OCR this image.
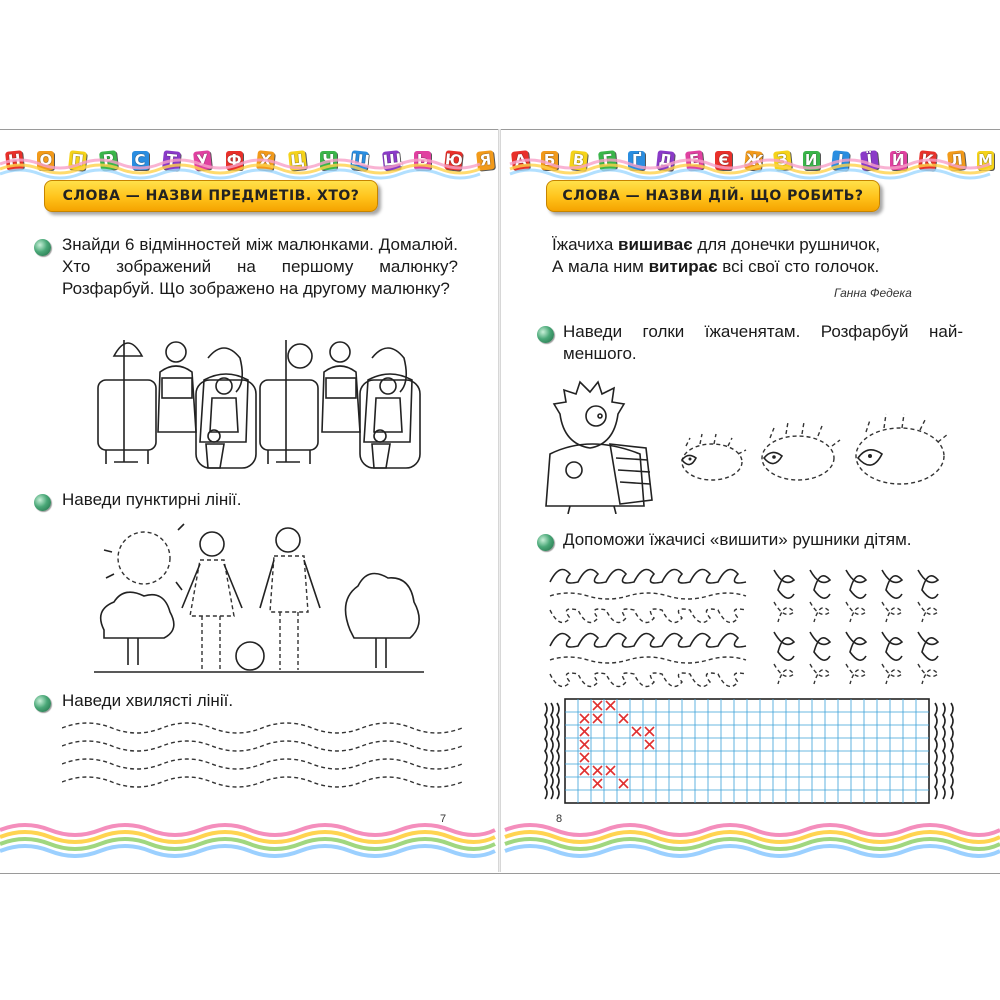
Н О П Р С Т У Ф Х Ц Ч Ш Щ Ь Ю Я А Б В Г Ґ Д Е Є Ж З И	І	Ї	Й К Л М
СЛОВА — НАЗВИ ПРЕДМЕТІВ. ХТО?
Знайди 6 відмінностей між малюнками. Домалюй. Хто зображений на першому малюнку? Розфарбуй. Що зображено на другому малюнку?
Наведи пунктирні лінії.
Наведи хвилясті лінії.
7
СЛОВА — НАЗВИ ДІЙ. ЩО РОБИТЬ?
Їжачиха вишиває для донечки рушничок,
А мала ним витирає всі свої сто голочок.
Ганна Федека
Наведи голки їжаченятам. Розфарбуй найменшого.
Допоможи їжачисі «вишити» рушники дітям.
8
